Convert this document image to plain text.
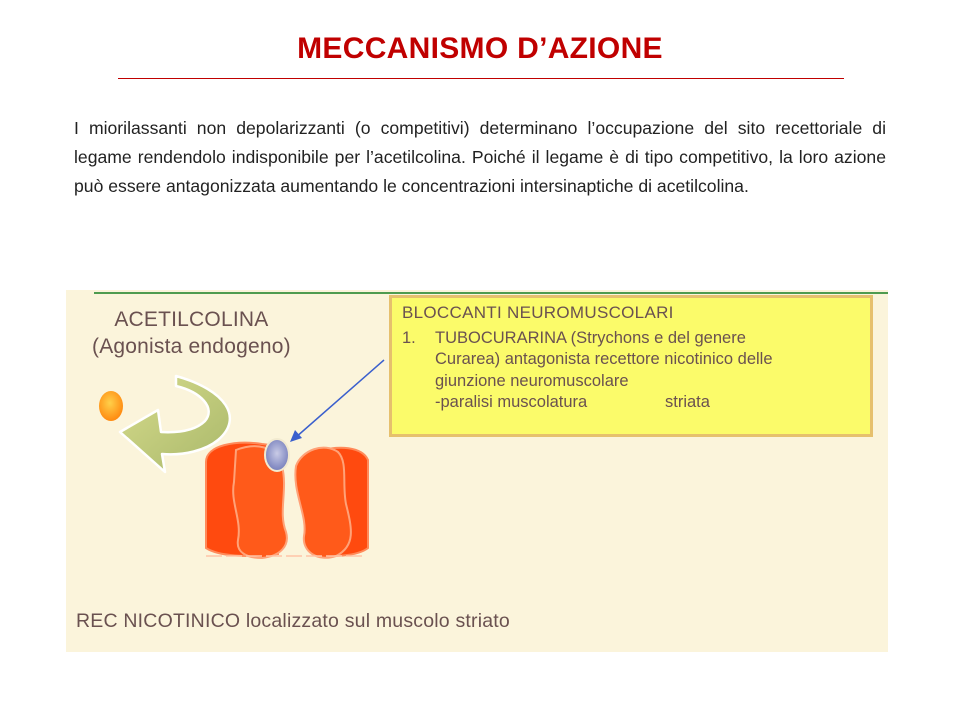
MECCANISMO D’AZIONE

I miorilassanti non depolarizzanti (o competitivi) determinano l’occupazione del sito recettoriale di legame rendendolo indisponibile per l’acetilcolina. Poiché il legame è di tipo competitivo, la loro azione può essere antagonizzata aumentando le concentrazioni intersinaptiche di acetilcolina.

ACETILCOLINA
(Agonista endogeno)
BLOCCANTI NEUROMUSCOLARI
1.	TUBOCURARINA (Strychons e del genere
Curarea) antagonista recettore nicotinico delle
giunzione neuromuscolare
-paralisi muscolatura	striata
REC NICOTINICO localizzato sul muscolo striato
